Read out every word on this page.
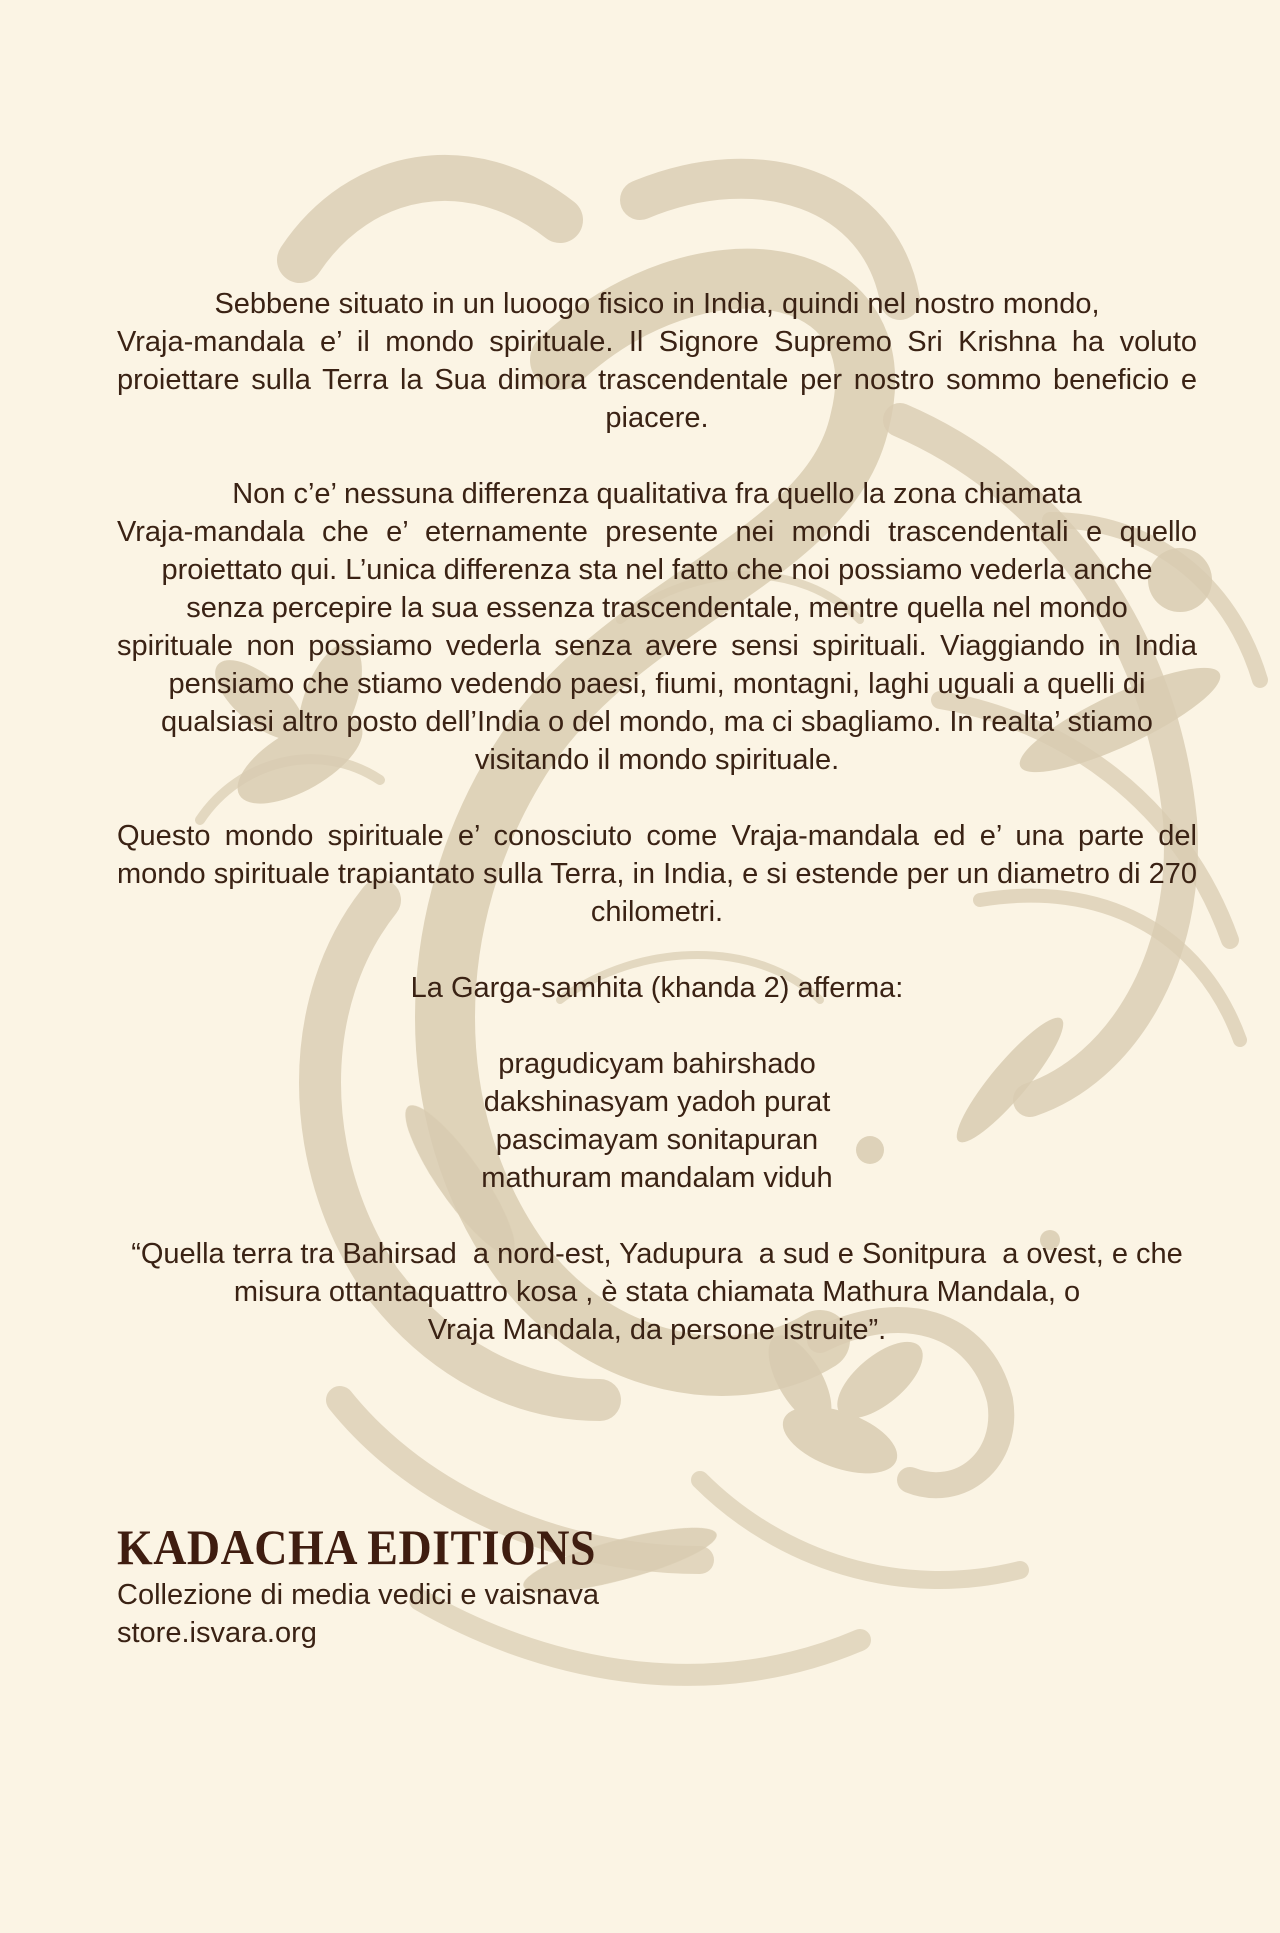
Sebbene situato in un luoogo fisico in India, quindi nel nostro mondo,

Vraja-mandala e’ il mondo spirituale. Il Signore Supremo Sri Krishna ha voluto proiettare sulla Terra la Sua dimora trascendentale per nostro sommo beneficio e piacere.

Non c’e’ nessuna differenza qualitativa fra quello la zona chiamata

Vraja-mandala che e’ eternamente presente nei mondi trascendentali e quello proiettato qui. L’unica differenza sta nel fatto che noi possiamo vederla anche

senza percepire la sua essenza trascendentale, mentre quella nel mondo

spirituale non possiamo vederla senza avere sensi spirituali. Viaggiando in India

pensiamo che stiamo vedendo paesi, fiumi, montagni, laghi uguali a quelli di

qualsiasi altro posto dell’India o del mondo, ma ci sbagliamo. In realta’ stiamo

visitando il mondo spirituale.

Questo mondo spirituale e’ conosciuto come Vraja-mandala ed e’ una parte del mondo spirituale trapiantato sulla Terra, in India, e si estende per un diametro di 270 chilometri.

La Garga-samhita (khanda 2) afferma:

pragudicyam bahirshado

dakshinasyam yadoh purat

pascimayam sonitapuran

mathuram mandalam viduh

“Quella terra tra Bahirsad  a nord-est, Yadupura  a sud e Sonitpura  a ovest, e che

misura ottantaquattro kosa , è stata chiamata Mathura Mandala, o

Vraja Mandala, da persone istruite”.

KADACHA EDITIONS
Collezione di media vedici e vaisnava
store.isvara.org
